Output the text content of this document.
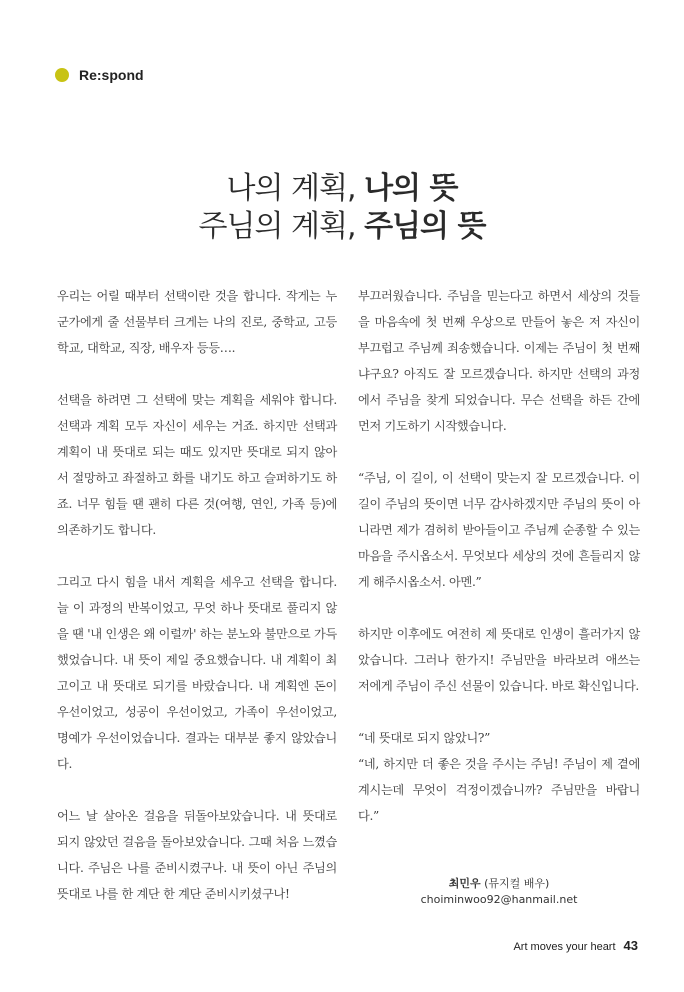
Re:spond
나의 계획, 나의 뜻
주님의 계획, 주님의 뜻

우리는 어릴 때부터 선택이란 것을 합니다. 작게는 누군가에게 줄 선물부터 크게는 나의 진로, 중학교, 고등학교, 대학교, 직장, 배우자 등등….

선택을 하려면 그 선택에 맞는 계획을 세워야 합니다. 선택과 계획 모두 자신이 세우는 거죠. 하지만 선택과 계획이 내 뜻대로 되는 때도 있지만 뜻대로 되지 않아서 절망하고 좌절하고 화를 내기도 하고 슬퍼하기도 하죠. 너무 힘들 땐 괜히 다른 것(여행, 연인, 가족 등)에 의존하기도 합니다.

그리고 다시 힘을 내서 계획을 세우고 선택을 합니다. 늘 이 과정의 반복이었고, 무엇 하나 뜻대로 풀리지 않을 땐 '내 인생은 왜 이럴까' 하는 분노와 불만으로 가득했었습니다. 내 뜻이 제일 중요했습니다. 내 계획이 최고이고 내 뜻대로 되기를 바랐습니다. 내 계획엔 돈이 우선이었고, 성공이 우선이었고, 가족이 우선이었고, 명예가 우선이었습니다. 결과는 대부분 좋지 않았습니다.

어느 날 살아온 걸음을 뒤돌아보았습니다. 내 뜻대로 되지 않았던 걸음을 돌아보았습니다. 그때 처음 느꼈습니다. 주님은 나를 준비시켰구나. 내 뜻이 아닌 주님의 뜻대로 나를 한 계단 한 계단 준비시키셨구나!

부끄러웠습니다. 주님을 믿는다고 하면서 세상의 것들을 마음속에 첫 번째 우상으로 만들어 놓은 저 자신이 부끄럽고 주님께 죄송했습니다. 이제는 주님이 첫 번째냐구요? 아직도 잘 모르겠습니다. 하지만 선택의 과정에서 주님을 찾게 되었습니다. 무슨 선택을 하든 간에 먼저 기도하기 시작했습니다.

“주님, 이 길이, 이 선택이 맞는지 잘 모르겠습니다. 이 길이 주님의 뜻이면 너무 감사하겠지만 주님의 뜻이 아니라면 제가 겸허히 받아들이고 주님께 순종할 수 있는 마음을 주시옵소서. 무엇보다 세상의 것에 흔들리지 않게 해주시옵소서. 아멘.”

하지만 이후에도 여전히 제 뜻대로 인생이 흘러가지 않았습니다. 그러나 한가지! 주님만을 바라보려 애쓰는 저에게 주님이 주신 선물이 있습니다. 바로 확신입니다.

“네 뜻대로 되지 않았니?”

“네, 하지만 더 좋은 것을 주시는 주님! 주님이 제 곁에 계시는데 무엇이 걱정이겠습니까? 주님만을 바랍니다.”

최민우 (뮤지컬 배우)
choiminwoo92@hanmail.net
Art moves your heart 43
